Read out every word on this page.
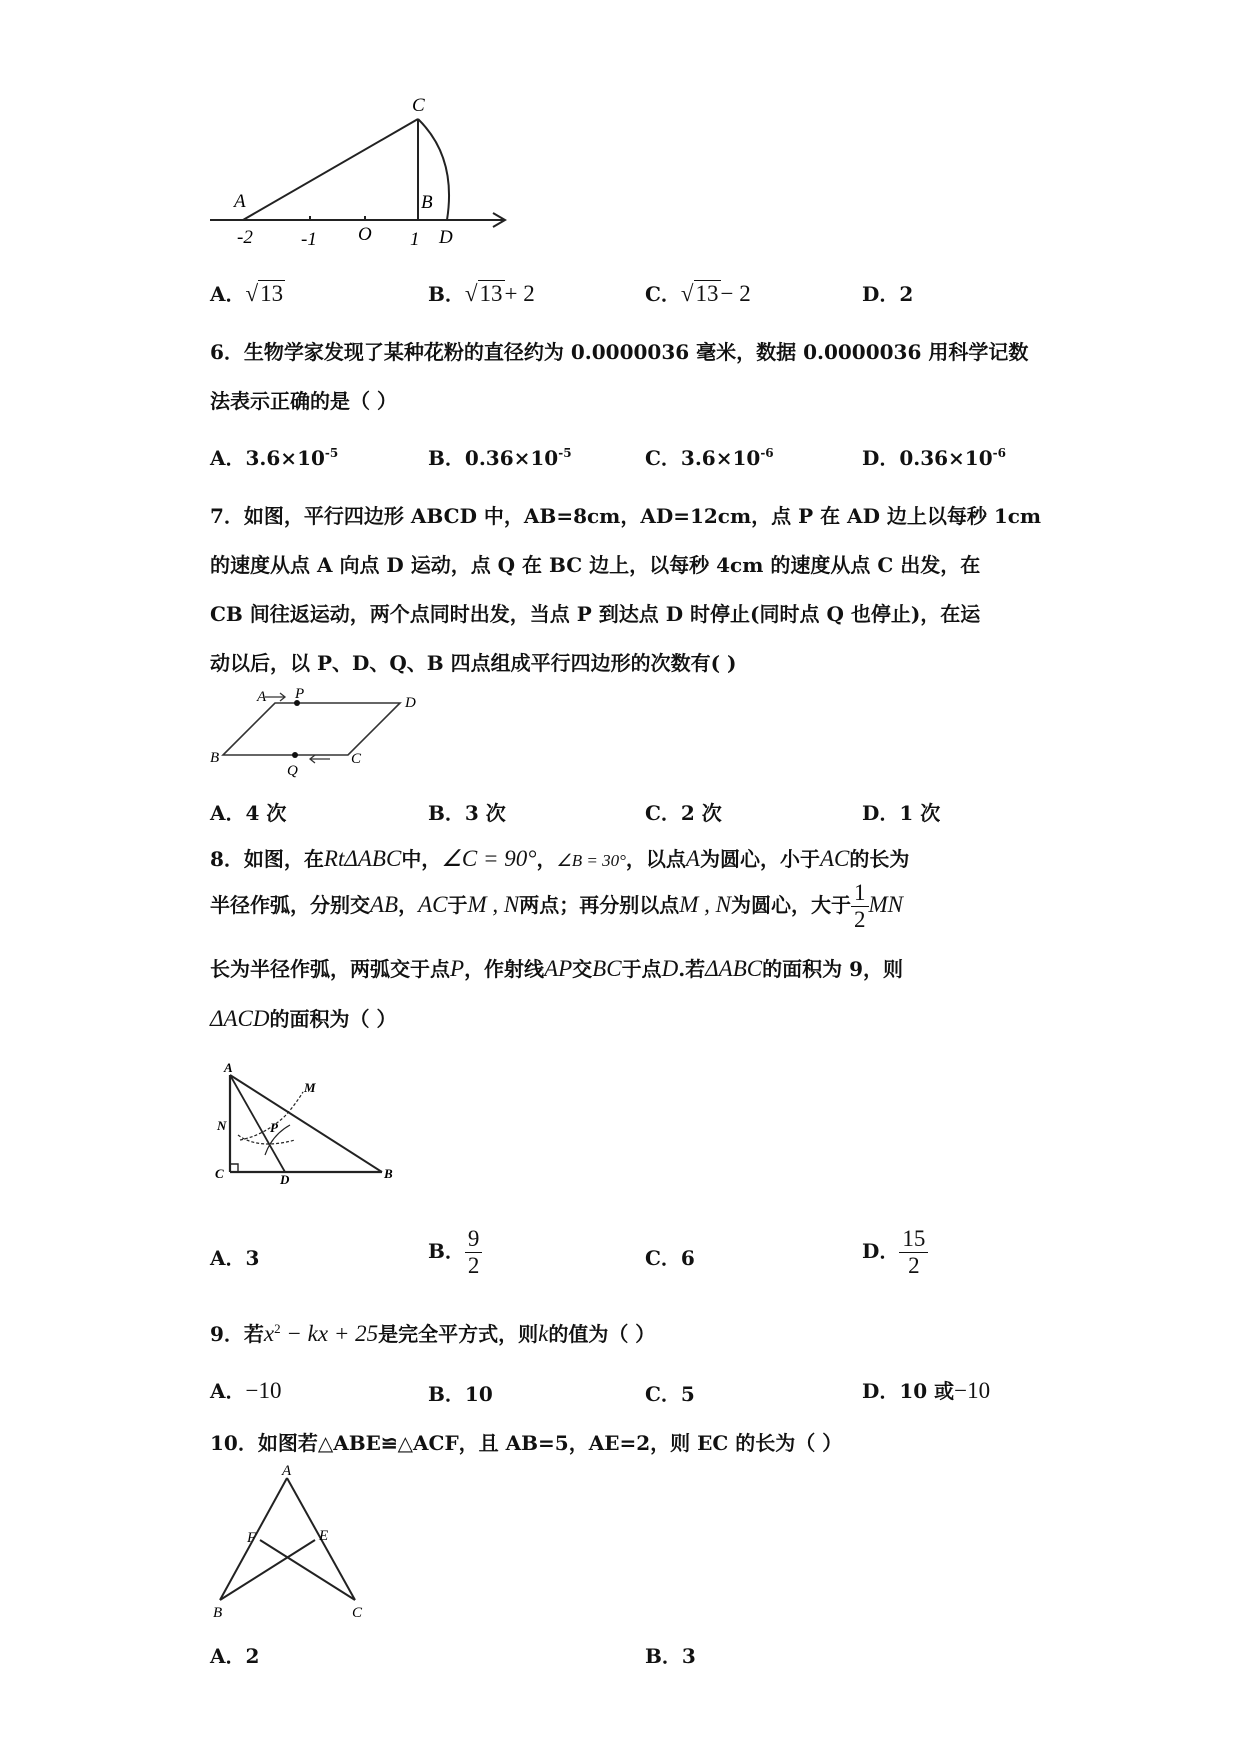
A
C
B
D
O
-2	-1	1
A．√13	B．√13+ 2	C．√13− 2	D．2
6．生物学家发现了某种花粉的直径约为 0.0000036 毫米，数据 0.0000036 用科学记数
法表示正确的是（ ）
A．$3.6\times 10^{-5}$	B．$0.36\times 10^{-5}$	C．$3.6\times 10^{-6}$	D．$0.36\times 10^{-6}$
7．如图，平行四边形 ABCD 中，AB=8cm，AD=12cm，点 P 在 AD 边上以每秒 1cm
的速度从点 A 向点 D 运动，点 Q 在 BC 边上，以每秒 4cm 的速度从点 C 出发，在
CB 间往返运动，两个点同时出发，当点 P 到达点 D 时停止(同时点 Q 也停止)，在运
动以后，以 P、D、Q、B 四点组成平行四边形的次数有( )
A P
D
B
Q
C
A．4 次	B．3 次	C．2 次	D．1 次
8．如图，在RtΔABC中，∠C = 90°，∠B = 30°，以点A为圆心，小于AC的长为
半径作弧，分别交AB，AC于M , N两点；再分别以点M , N为圆心，大于 $\frac{1}{2}$ MN
长为半径作弧，两弧交于点P，作射线AP交BC于点D.若ΔABC的面积为 9，则
ΔACD的面积为（ ）
A
M
N	P
C	D	B
A．3	B． $\frac{9}{2}$	C．6	D． $\frac{15}{2}$
9．若$x^2$ − kx + 25是完全平方式，则k的值为（ ）
A．−10	B．10	C．5	D．10 或−10
10．如图若△ABE≌△ACF，且 AB=5，AE=2，则 EC 的长为（ ）
A
F	E
B	C
A．2	B．3
